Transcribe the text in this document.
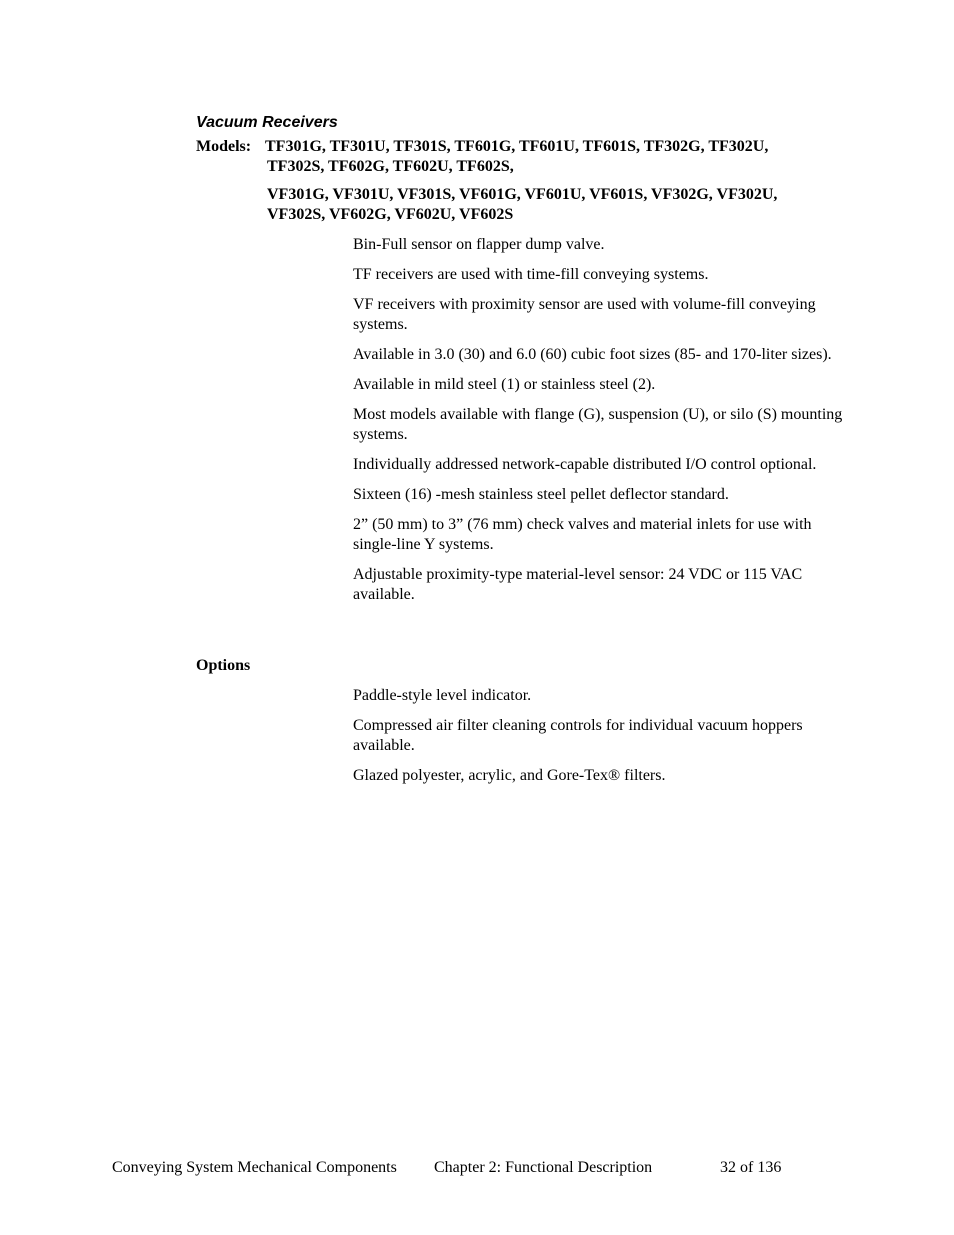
Vacuum Receivers
Models: TF301G, TF301U, TF301S, TF601G, TF601U, TF601S, TF302G, TF302U,
TF302S, TF602G, TF602U, TF602S,
VF301G, VF301U, VF301S, VF601G, VF601U, VF601S, VF302G, VF302U,
VF302S, VF602G, VF602U, VF602S

Bin-Full sensor on flapper dump valve.

TF receivers are used with time-fill conveying systems.

VF receivers with proximity sensor are used with volume-fill conveying systems.

Available in 3.0 (30) and 6.0 (60) cubic foot sizes (85- and 170-liter sizes).

Available in mild steel (1) or stainless steel (2).

Most models available with flange (G), suspension (U), or silo (S) mounting systems.

Individually addressed network-capable distributed I/O control optional.

Sixteen (16) -mesh stainless steel pellet deflector standard.

2” (50 mm) to 3” (76 mm) check valves and material inlets for use with single-line Y systems.

Adjustable proximity-type material-level sensor: 24 VDC or 115 VAC available.

Options

Paddle-style level indicator.

Compressed air filter cleaning controls for individual vacuum hoppers available.

Glazed polyester, acrylic, and Gore-Tex® filters.

Conveying System Mechanical Components Chapter 2: Functional Description	32 of 136
